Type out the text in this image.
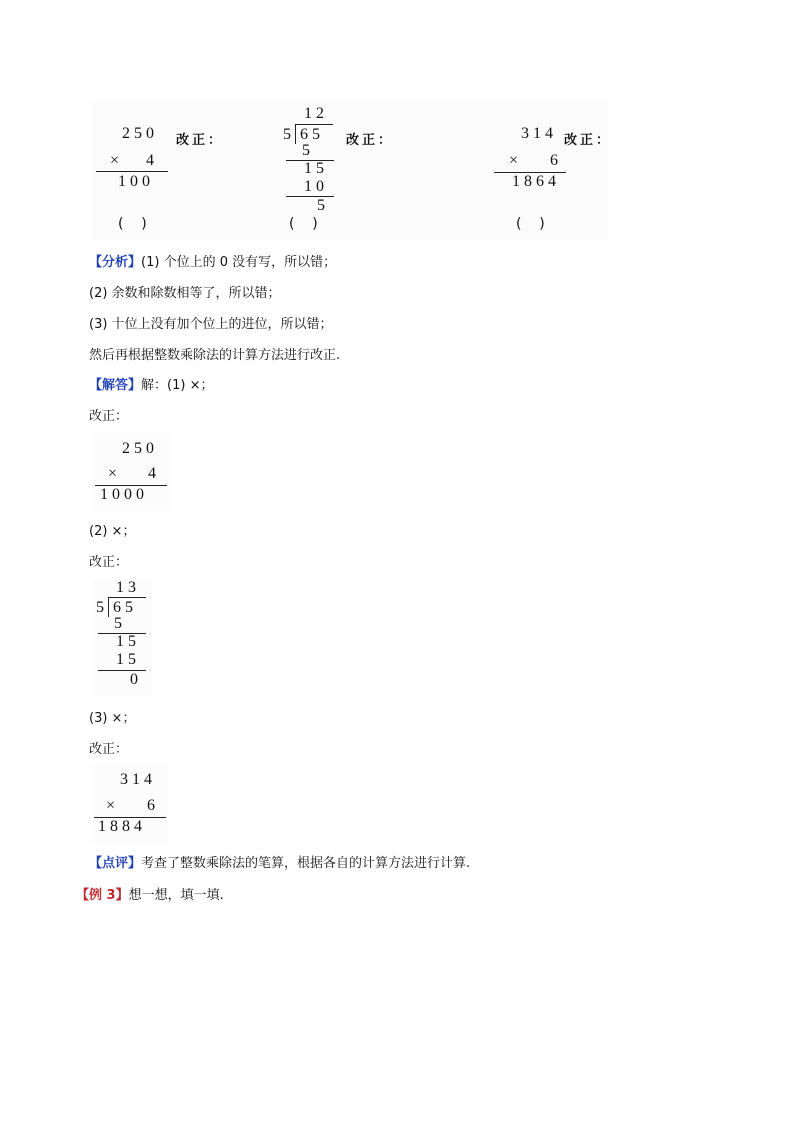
250 改正：
× 4
100
(    )
12
5 65 改正：
5
15
10
5
(    )
314 改正：
× 6
1864
(    )
【分析】(1) 个位上的 0 没有写，所以错；
(2) 余数和除数相等了，所以错；
(3) 十位上没有加个位上的进位，所以错；
然后再根据整数乘除法的计算方法进行改正.
【解答】解：(1) ×；
改正：
250
× 4
1000
(2) ×；
改正：
13
5 65
5
15
15
0
(3) ×；
改正：
314
× 6
1884
【点评】考查了整数乘除法的笔算，根据各自的计算方法进行计算.
【例 3】想一想，填一填.
